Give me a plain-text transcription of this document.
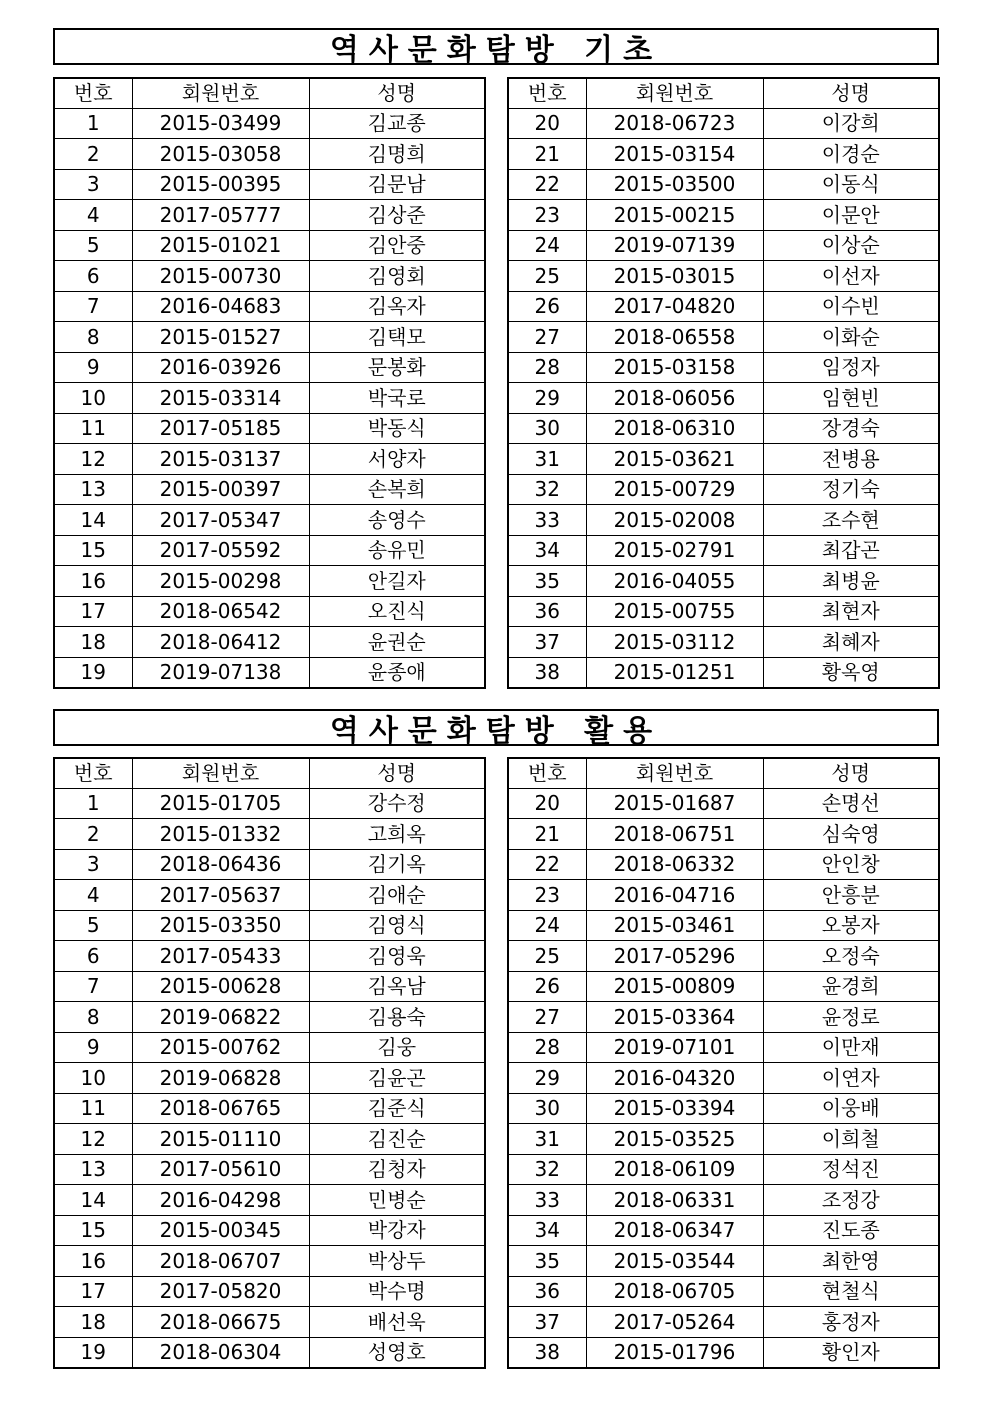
역사문화탐방 기초
번호	회원번호	성명
1	2015-03499	김교종
2	2015-03058	김명희
3	2015-00395	김문남
4	2017-05777	김상준
5	2015-01021	김안중
6	2015-00730	김영회
7	2016-04683	김옥자
8	2015-01527	김택모
9	2016-03926	문봉화
10	2015-03314	박국로
11	2017-05185	박동식
12	2015-03137	서양자
13	2015-00397	손복희
14	2017-05347	송영수
15	2017-05592	송유민
16	2015-00298	안길자
17	2018-06542	오진식
18	2018-06412	윤권순
19	2019-07138	윤종애
번호	회원번호	성명
20	2018-06723	이강희
21	2015-03154	이경순
22	2015-03500	이동식
23	2015-00215	이문안
24	2019-07139	이상순
25	2015-03015	이선자
26	2017-04820	이수빈
27	2018-06558	이화순
28	2015-03158	임정자
29	2018-06056	임현빈
30	2018-06310	장경숙
31	2015-03621	전병용
32	2015-00729	정기숙
33	2015-02008	조수현
34	2015-02791	최갑곤
35	2016-04055	최병윤
36	2015-00755	최현자
37	2015-03112	최혜자
38	2015-01251	황옥영
역사문화탐방 활용
번호	회원번호	성명
1	2015-01705	강수정
2	2015-01332	고희옥
3	2018-06436	김기옥
4	2017-05637	김애순
5	2015-03350	김영식
6	2017-05433	김영욱
7	2015-00628	김옥남
8	2019-06822	김용숙
9	2015-00762	김웅
10	2019-06828	김윤곤
11	2018-06765	김준식
12	2015-01110	김진순
13	2017-05610	김청자
14	2016-04298	민병순
15	2015-00345	박강자
16	2018-06707	박상두
17	2017-05820	박수명
18	2018-06675	배선욱
19	2018-06304	성영호
번호	회원번호	성명
20	2015-01687	손명선
21	2018-06751	심숙영
22	2018-06332	안인창
23	2016-04716	안흥분
24	2015-03461	오봉자
25	2017-05296	오정숙
26	2015-00809	윤경희
27	2015-03364	윤정로
28	2019-07101	이만재
29	2016-04320	이연자
30	2015-03394	이웅배
31	2015-03525	이희철
32	2018-06109	정석진
33	2018-06331	조정강
34	2018-06347	진도종
35	2015-03544	최한영
36	2018-06705	현철식
37	2017-05264	홍정자
38	2015-01796	황인자
